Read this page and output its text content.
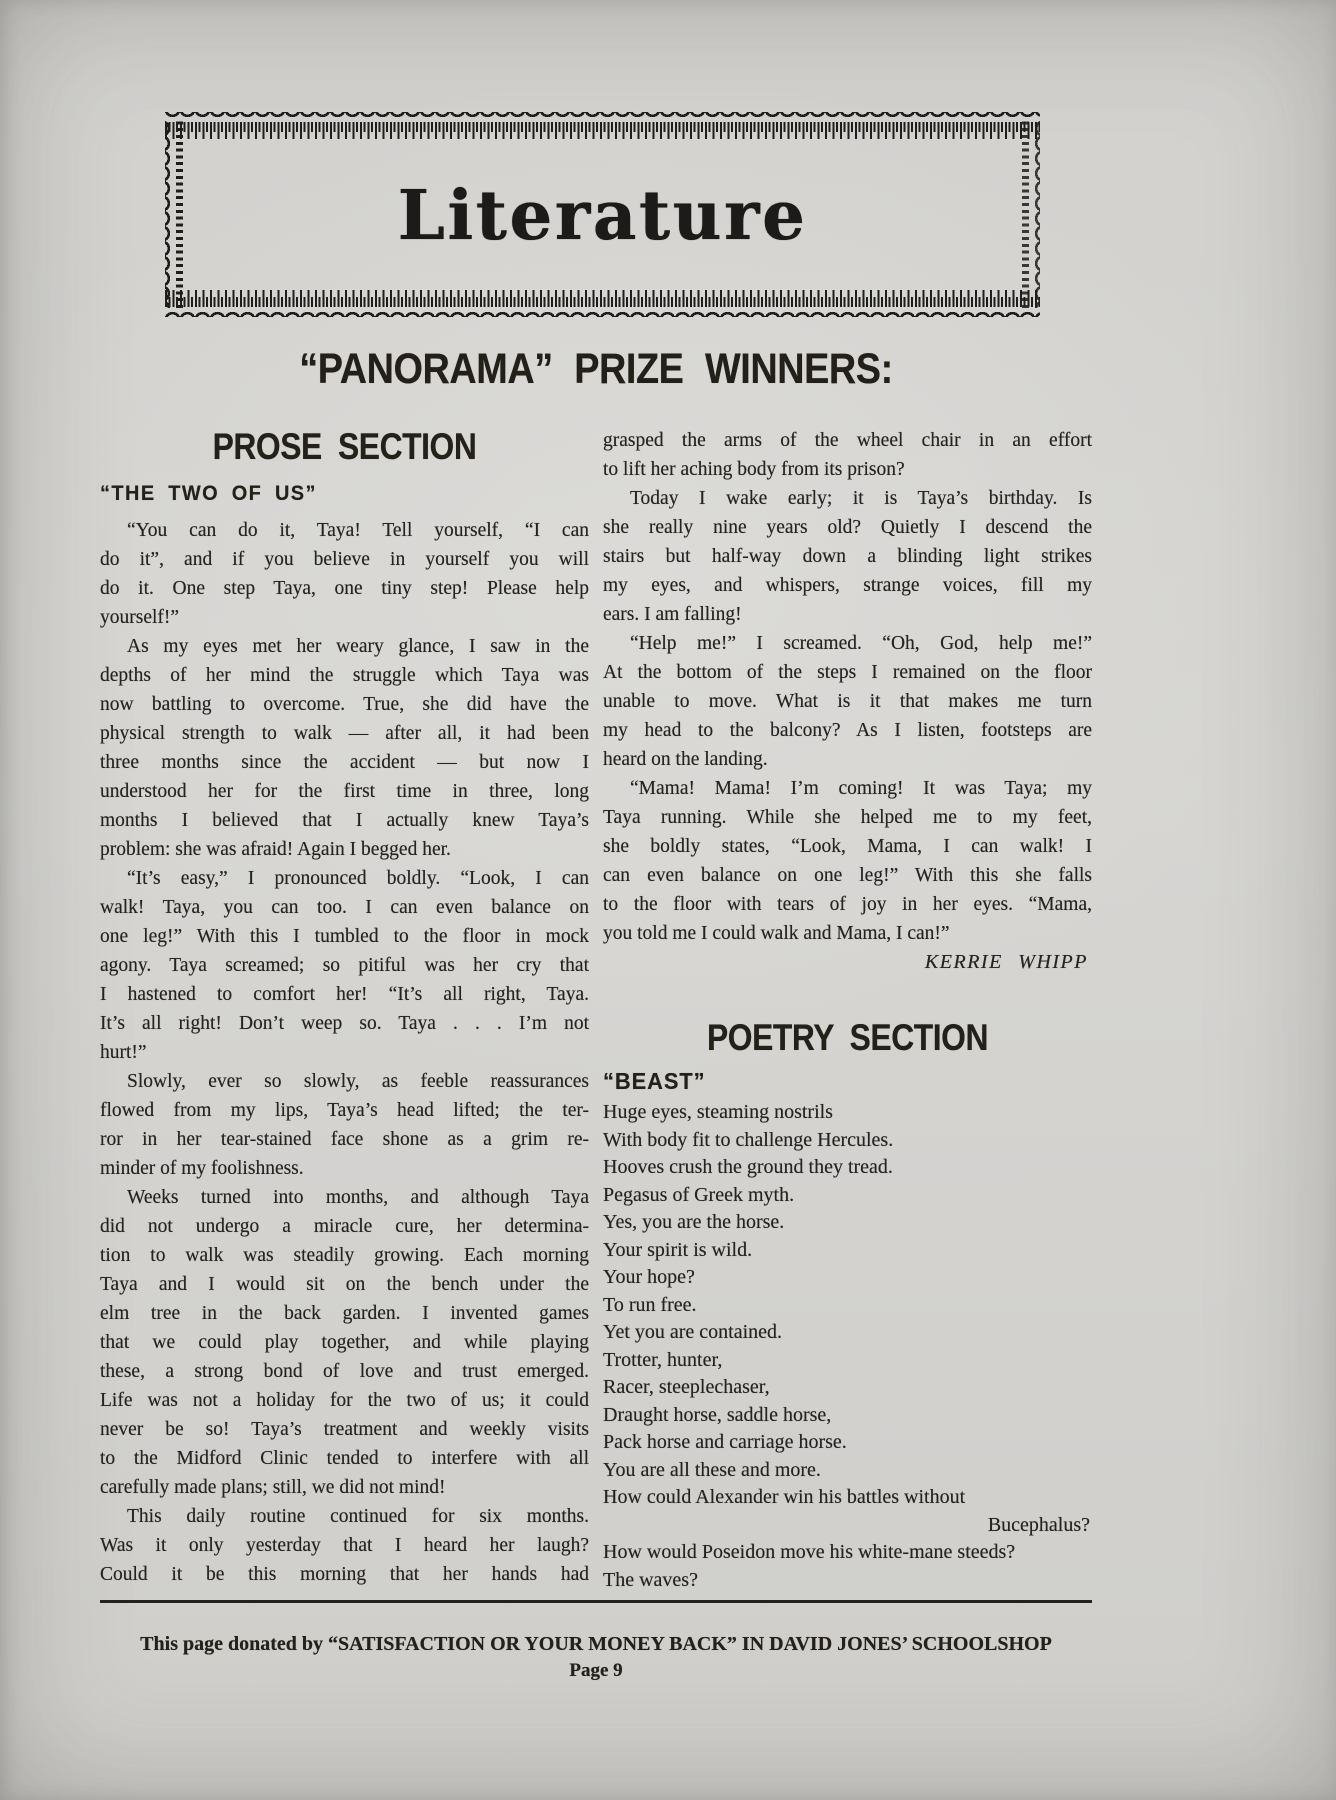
Literature
“PANORAMA” PRIZE WINNERS:
PROSE SECTION
“THE TWO OF US”
“You can do it, Taya! Tell yourself, “I can
do it”, and if you believe in yourself you will
do it. One step Taya, one tiny step! Please help
yourself!”
As my eyes met her weary glance, I saw in the
depths of her mind the struggle which Taya was
now battling to overcome. True, she did have the
physical strength to walk — after all, it had been
three months since the accident — but now I
understood her for the first time in three, long
months I believed that I actually knew Taya’s
problem: she was afraid! Again I begged her.
“It’s easy,” I pronounced boldly. “Look, I can
walk! Taya, you can too. I can even balance on
one leg!” With this I tumbled to the floor in mock
agony. Taya screamed; so pitiful was her cry that
I hastened to comfort her! “It’s all right, Taya.
It’s all right! Don’t weep so. Taya . . . I’m not
hurt!”
Slowly, ever so slowly, as feeble reassurances
flowed from my lips, Taya’s head lifted; the ter-
ror in her tear-stained face shone as a grim re-
minder of my foolishness.
Weeks turned into months, and although Taya
did not undergo a miracle cure, her determina-
tion to walk was steadily growing. Each morning
Taya and I would sit on the bench under the
elm tree in the back garden. I invented games
that we could play together, and while playing
these, a strong bond of love and trust emerged.
Life was not a holiday for the two of us; it could
never be so! Taya’s treatment and weekly visits
to the Midford Clinic tended to interfere with all
carefully made plans; still, we did not mind!
This daily routine continued for six months.
Was it only yesterday that I heard her laugh?
Could it be this morning that her hands had
grasped the arms of the wheel chair in an effort
to lift her aching body from its prison?
Today I wake early; it is Taya’s birthday. Is
she really nine years old? Quietly I descend the
stairs but half-way down a blinding light strikes
my eyes, and whispers, strange voices, fill my
ears. I am falling!
“Help me!” I screamed. “Oh, God, help me!”
At the bottom of the steps I remained on the floor
unable to move. What is it that makes me turn
my head to the balcony? As I listen, footsteps are
heard on the landing.
“Mama! Mama! I’m coming! It was Taya; my
Taya running. While she helped me to my feet,
she boldly states, “Look, Mama, I can walk! I
can even balance on one leg!” With this she falls
to the floor with tears of joy in her eyes. “Mama,
you told me I could walk and Mama, I can!”
KERRIE WHIPP
POETRY SECTION
“BEAST”
Huge eyes, steaming nostrils
With body fit to challenge Hercules.
Hooves crush the ground they tread.
Pegasus of Greek myth.
Yes, you are the horse.
Your spirit is wild.
Your hope?
To run free.
Yet you are contained.
Trotter, hunter,
Racer, steeplechaser,
Draught horse, saddle horse,
Pack horse and carriage horse.
You are all these and more.
How could Alexander win his battles without
Bucephalus?
How would Poseidon move his white-mane steeds?
The waves?
This page donated by “SATISFACTION OR YOUR MONEY BACK” IN DAVID JONES’ SCHOOLSHOP
Page 9
